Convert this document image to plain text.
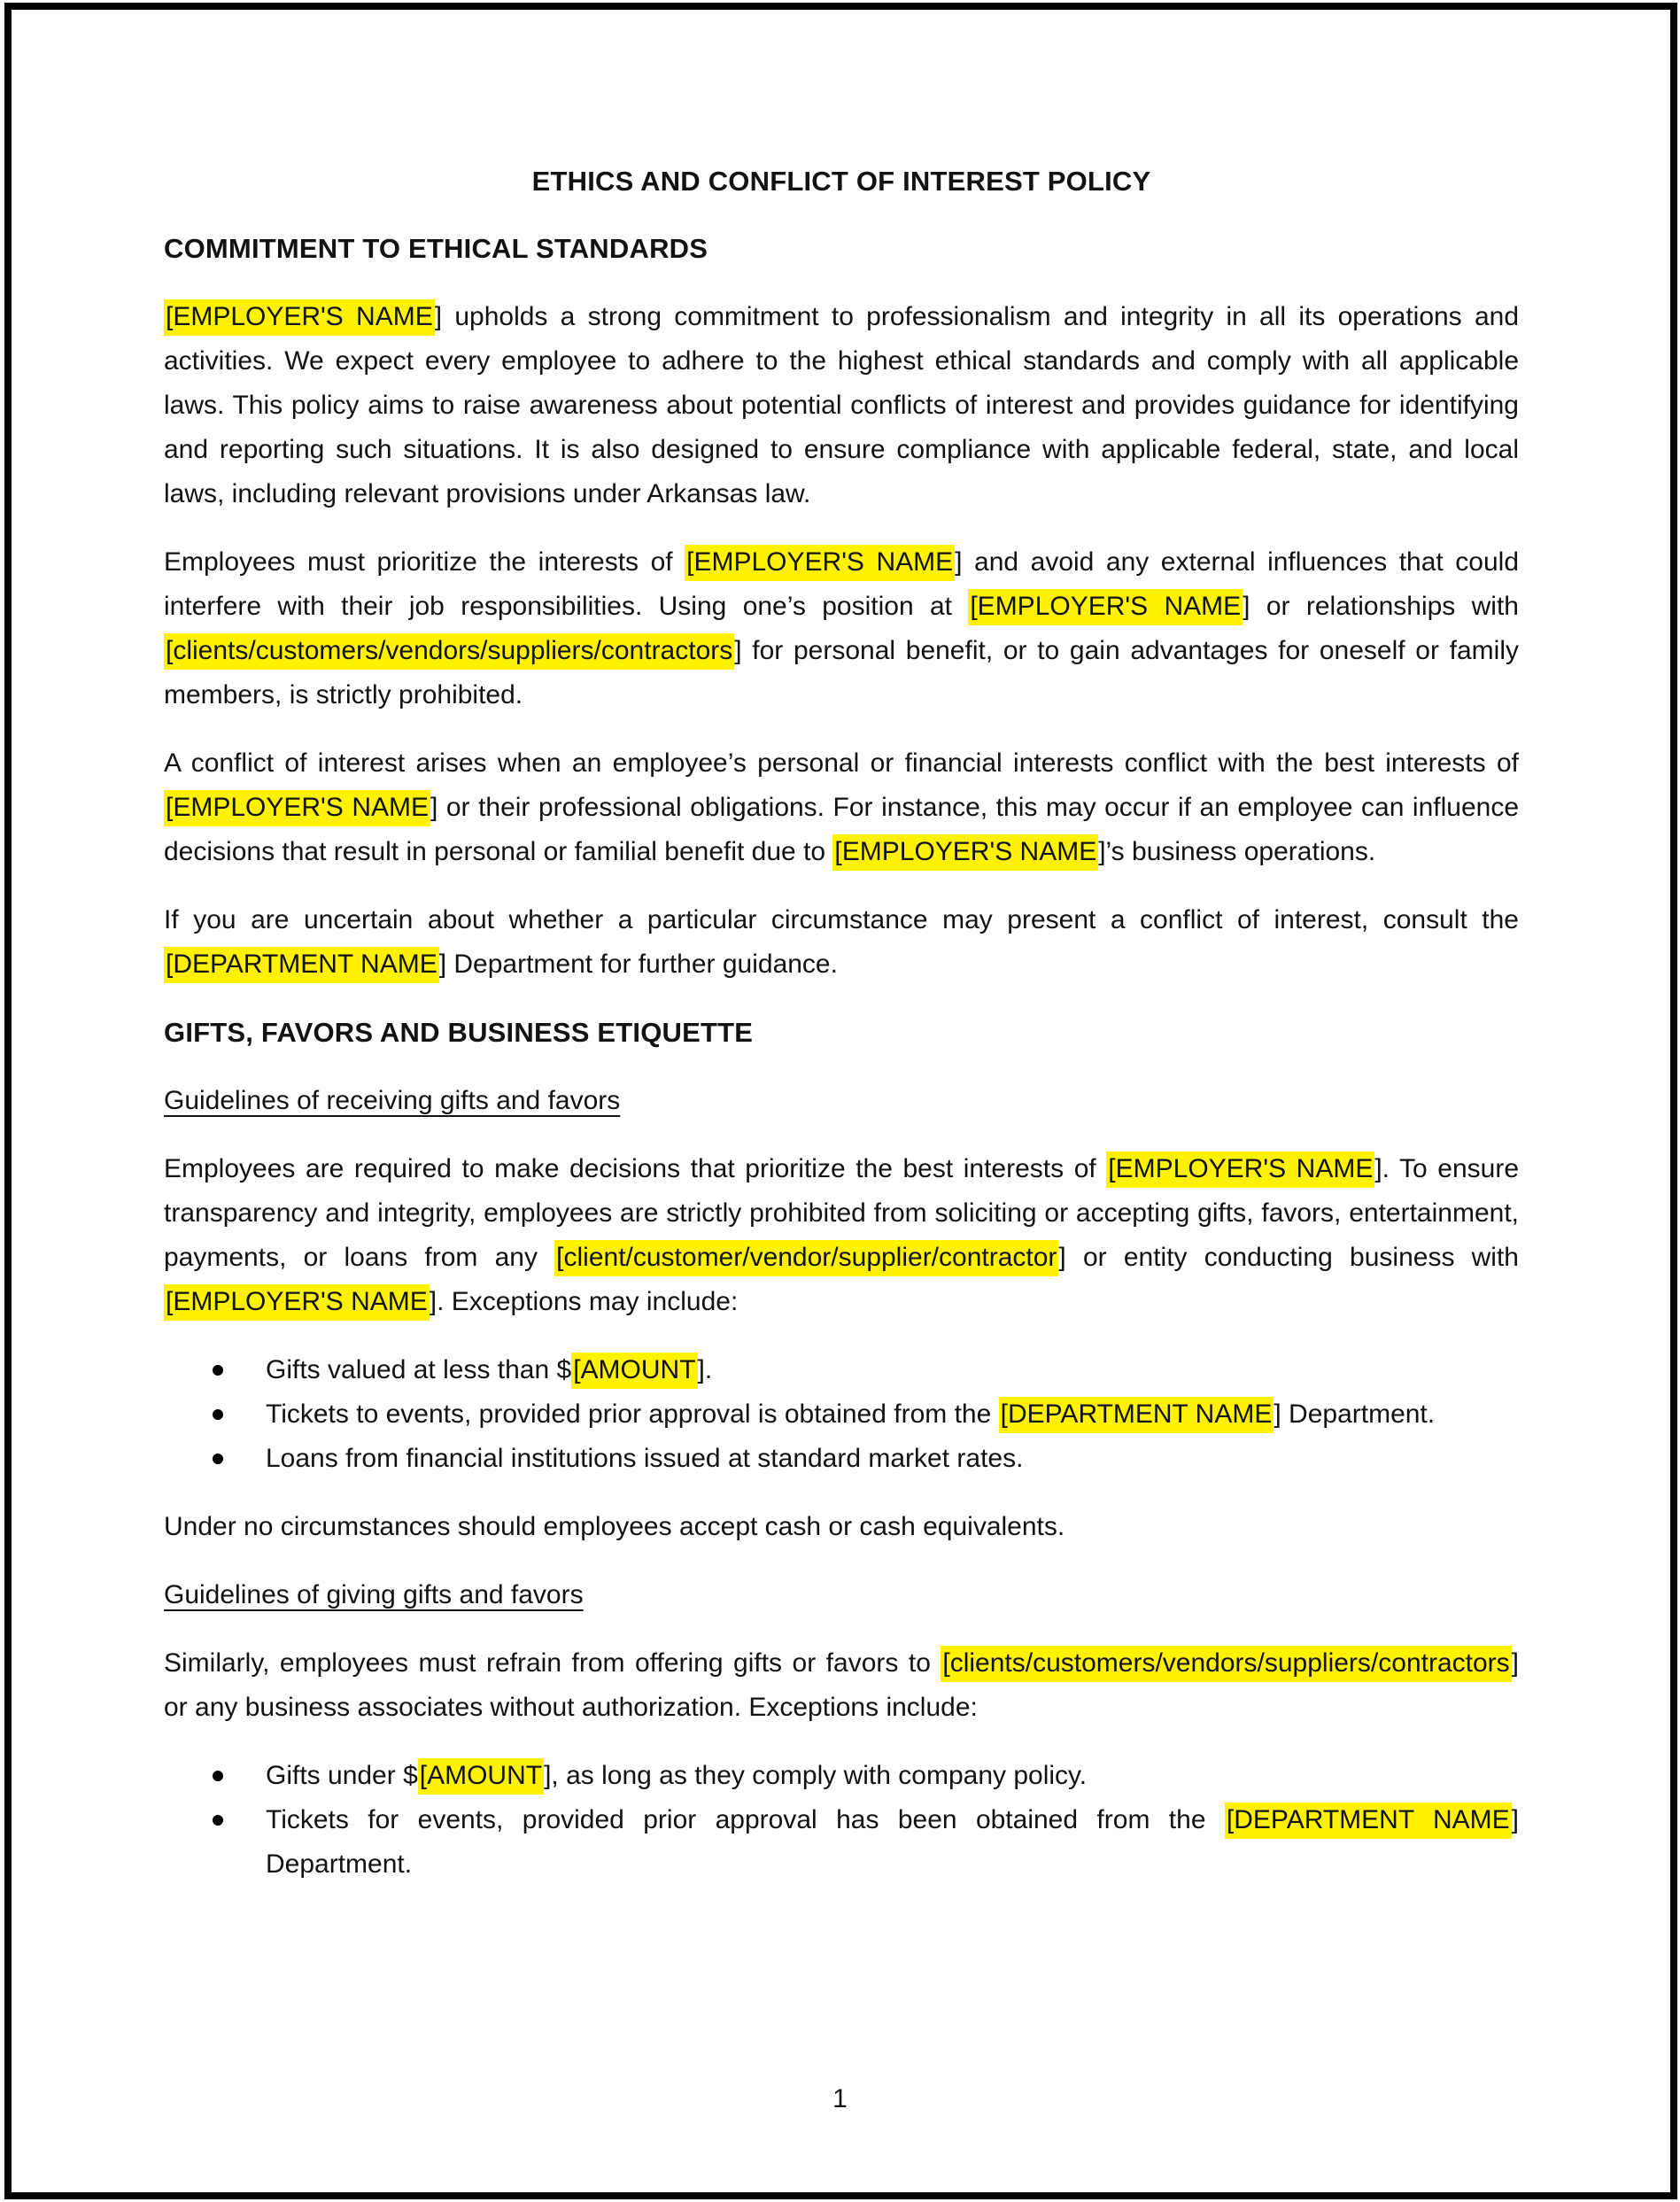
ETHICS AND CONFLICT OF INTEREST POLICY
COMMITMENT TO ETHICAL STANDARDS

[EMPLOYER'S NAME] upholds a strong commitment to professionalism and integrity in all its operations and activities. We expect every employee to adhere to the highest ethical standards and comply with all applicable laws. This policy aims to raise awareness about potential conflicts of interest and provides guidance for identifying and reporting such situations. It is also designed to ensure compliance with applicable federal, state, and local laws, including relevant provisions under Arkansas law.

Employees must prioritize the interests of [EMPLOYER'S NAME] and avoid any external influences that could interfere with their job responsibilities. Using one’s position at [EMPLOYER'S NAME] or relationships with [clients/customers/vendors/suppliers/contractors] for personal benefit, or to gain advantages for oneself or family members, is strictly prohibited.

A conflict of interest arises when an employee’s personal or financial interests conflict with the best interests of [EMPLOYER'S NAME] or their professional obligations. For instance, this may occur if an employee can influence decisions that result in personal or familial benefit due to [EMPLOYER'S NAME]’s business operations.

If you are uncertain about whether a particular circumstance may present a conflict of interest, consult the [DEPARTMENT NAME] Department for further guidance.

GIFTS, FAVORS AND BUSINESS ETIQUETTE
Guidelines of receiving gifts and favors

Employees are required to make decisions that prioritize the best interests of [EMPLOYER'S NAME]. To ensure transparency and integrity, employees are strictly prohibited from soliciting or accepting gifts, favors, entertainment, payments, or loans from any [client/customer/vendor/supplier/contractor] or entity conducting business with [EMPLOYER'S NAME]. Exceptions may include:

Gifts valued at less than $[AMOUNT].
Tickets to events, provided prior approval is obtained from the [DEPARTMENT NAME] Department.
Loans from financial institutions issued at standard market rates.

Under no circumstances should employees accept cash or cash equivalents.

Guidelines of giving gifts and favors

Similarly, employees must refrain from offering gifts or favors to [clients/customers/vendors/suppliers/contractors] or any business associates without authorization. Exceptions include:

Gifts under $[AMOUNT], as long as they comply with company policy.
Tickets for events, provided prior approval has been obtained from the [DEPARTMENT NAME] Department.
1
